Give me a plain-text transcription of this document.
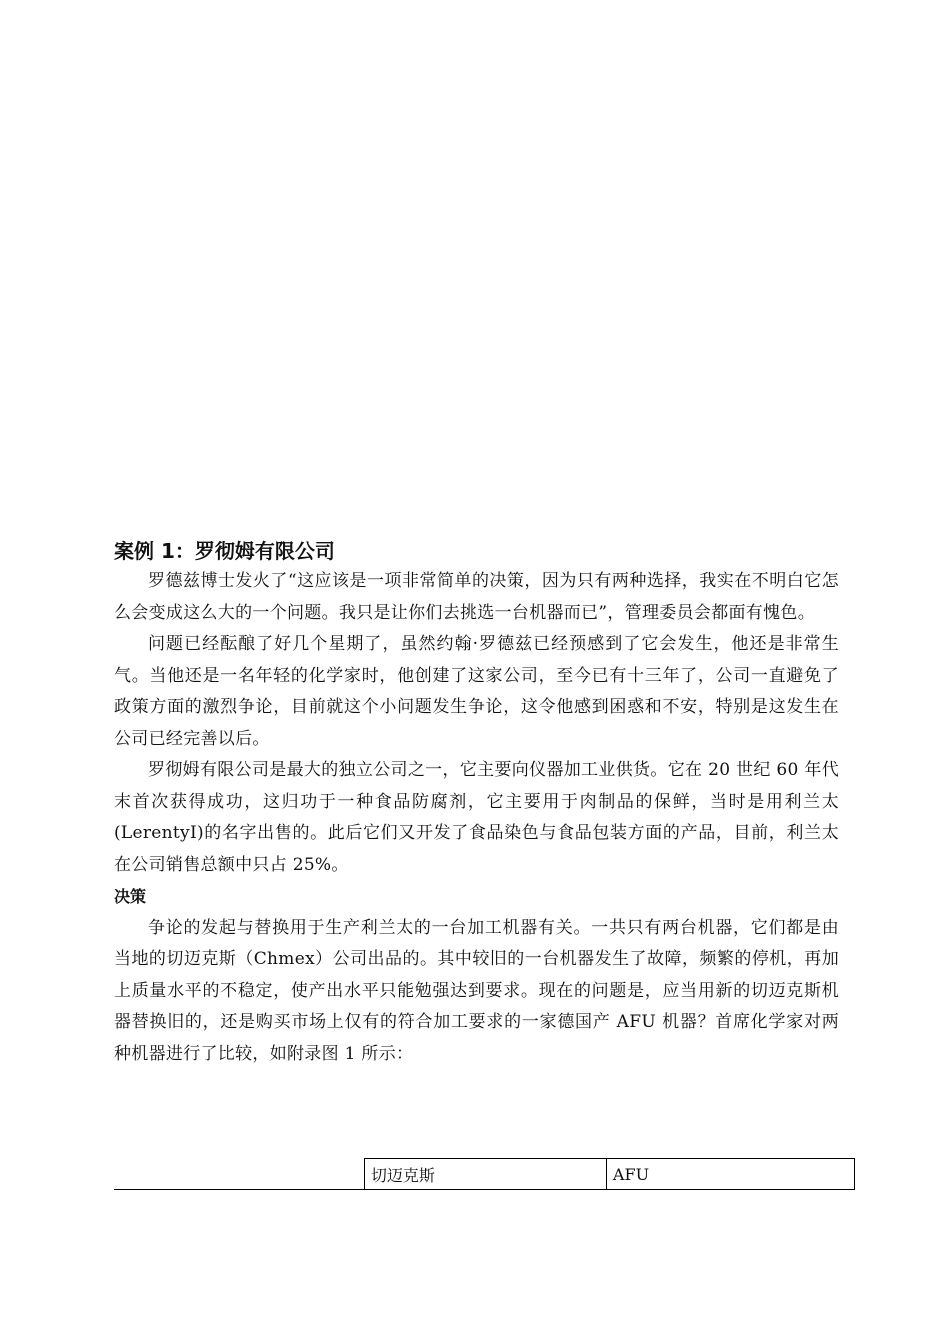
案例 1：罗彻姆有限公司

罗德兹博士发火了“这应该是一项非常简单的决策，因为只有两种选择，我实在不明白它怎么会变成这么大的一个问题。我只是让你们去挑选一台机器而已”，管理委员会都面有愧色。

问题已经酝酿了好几个星期了，虽然约翰·罗德兹已经预感到了它会发生，他还是非常生气。当他还是一名年轻的化学家时，他创建了这家公司，至今已有十三年了，公司一直避免了政策方面的激烈争论，目前就这个小问题发生争论，这令他感到困惑和不安，特别是这发生在公司已经完善以后。

罗彻姆有限公司是最大的独立公司之一，它主要向仪器加工业供货。它在 20 世纪 60 年代末首次获得成功，这归功于一种食品防腐剂，它主要用于肉制品的保鲜，当时是用利兰太(LerentyI)的名字出售的。此后它们又开发了食品染色与食品包装方面的产品，目前，利兰太在公司销售总额中只占 25%。

决策

争论的发起与替换用于生产利兰太的一台加工机器有关。一共只有两台机器，它们都是由当地的切迈克斯（Chmex）公司出品的。其中较旧的一台机器发生了故障，频繁的停机，再加上质量水平的不稳定，使产出水平只能勉强达到要求。现在的问题是，应当用新的切迈克斯机器替换旧的，还是购买市场上仅有的符合加工要求的一家德国产 AFU 机器？首席化学家对两种机器进行了比较，如附录图 1 所示：

	切迈克斯	AFU
